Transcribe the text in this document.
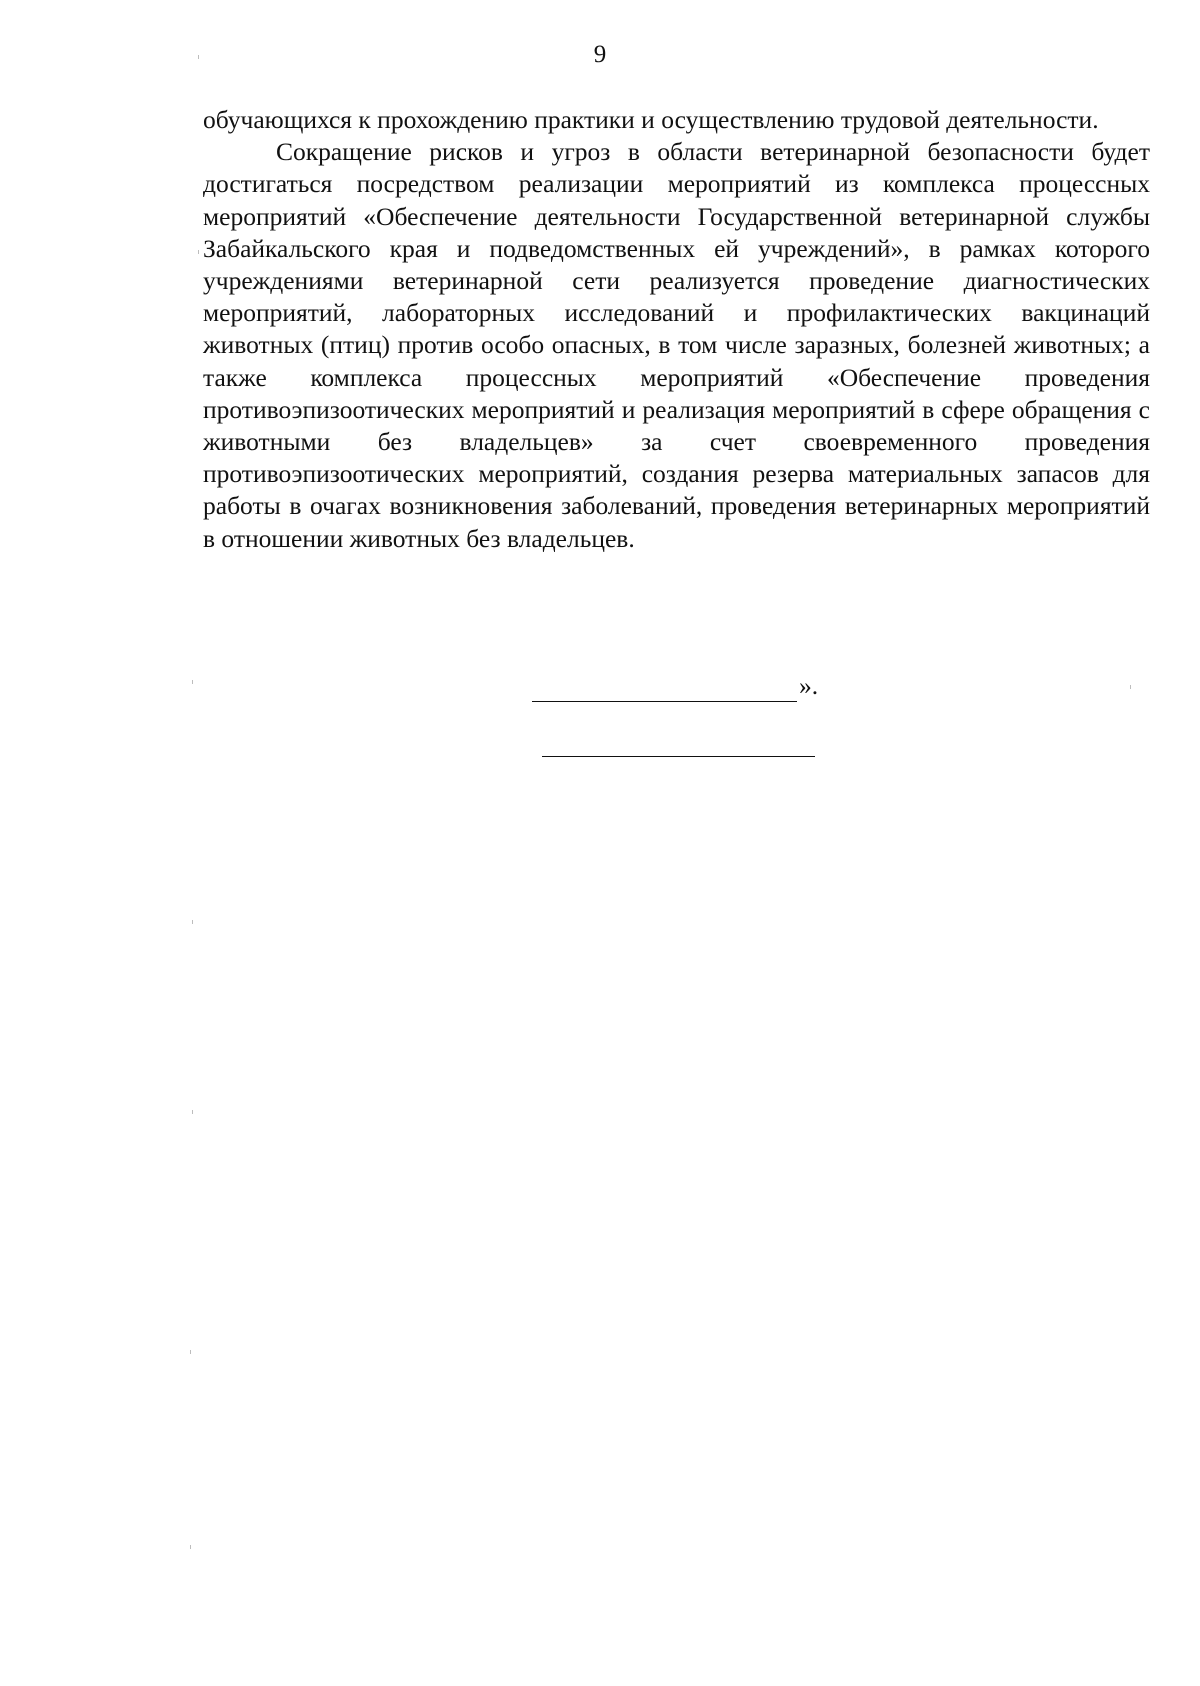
9

обучающихся к прохождению практики и осуществлению трудовой деятельности.

Сокращение рисков и угроз в области ветеринарной безопасности будет достигаться посредством реализации мероприятий из комплекса процессных мероприятий «Обеспечение деятельности Государственной ветеринарной службы Забайкальского края и подведомственных ей учреждений», в рамках которого учреждениями ветеринарной сети реализуется проведение диагностических мероприятий, лабораторных исследований и профилактических вакцинаций животных (птиц) против особо опасных, в том числе заразных, болезней животных; а также комплекса процессных мероприятий «Обеспечение проведения противоэпизоотических мероприятий и реализация мероприятий в сфере обращения с животными без владельцев» за счет своевременного проведения противоэпизоотических мероприятий, создания резерва материальных запасов для работы в очагах возникновения заболеваний, проведения ветеринарных мероприятий в отношении животных без владельцев.

».
